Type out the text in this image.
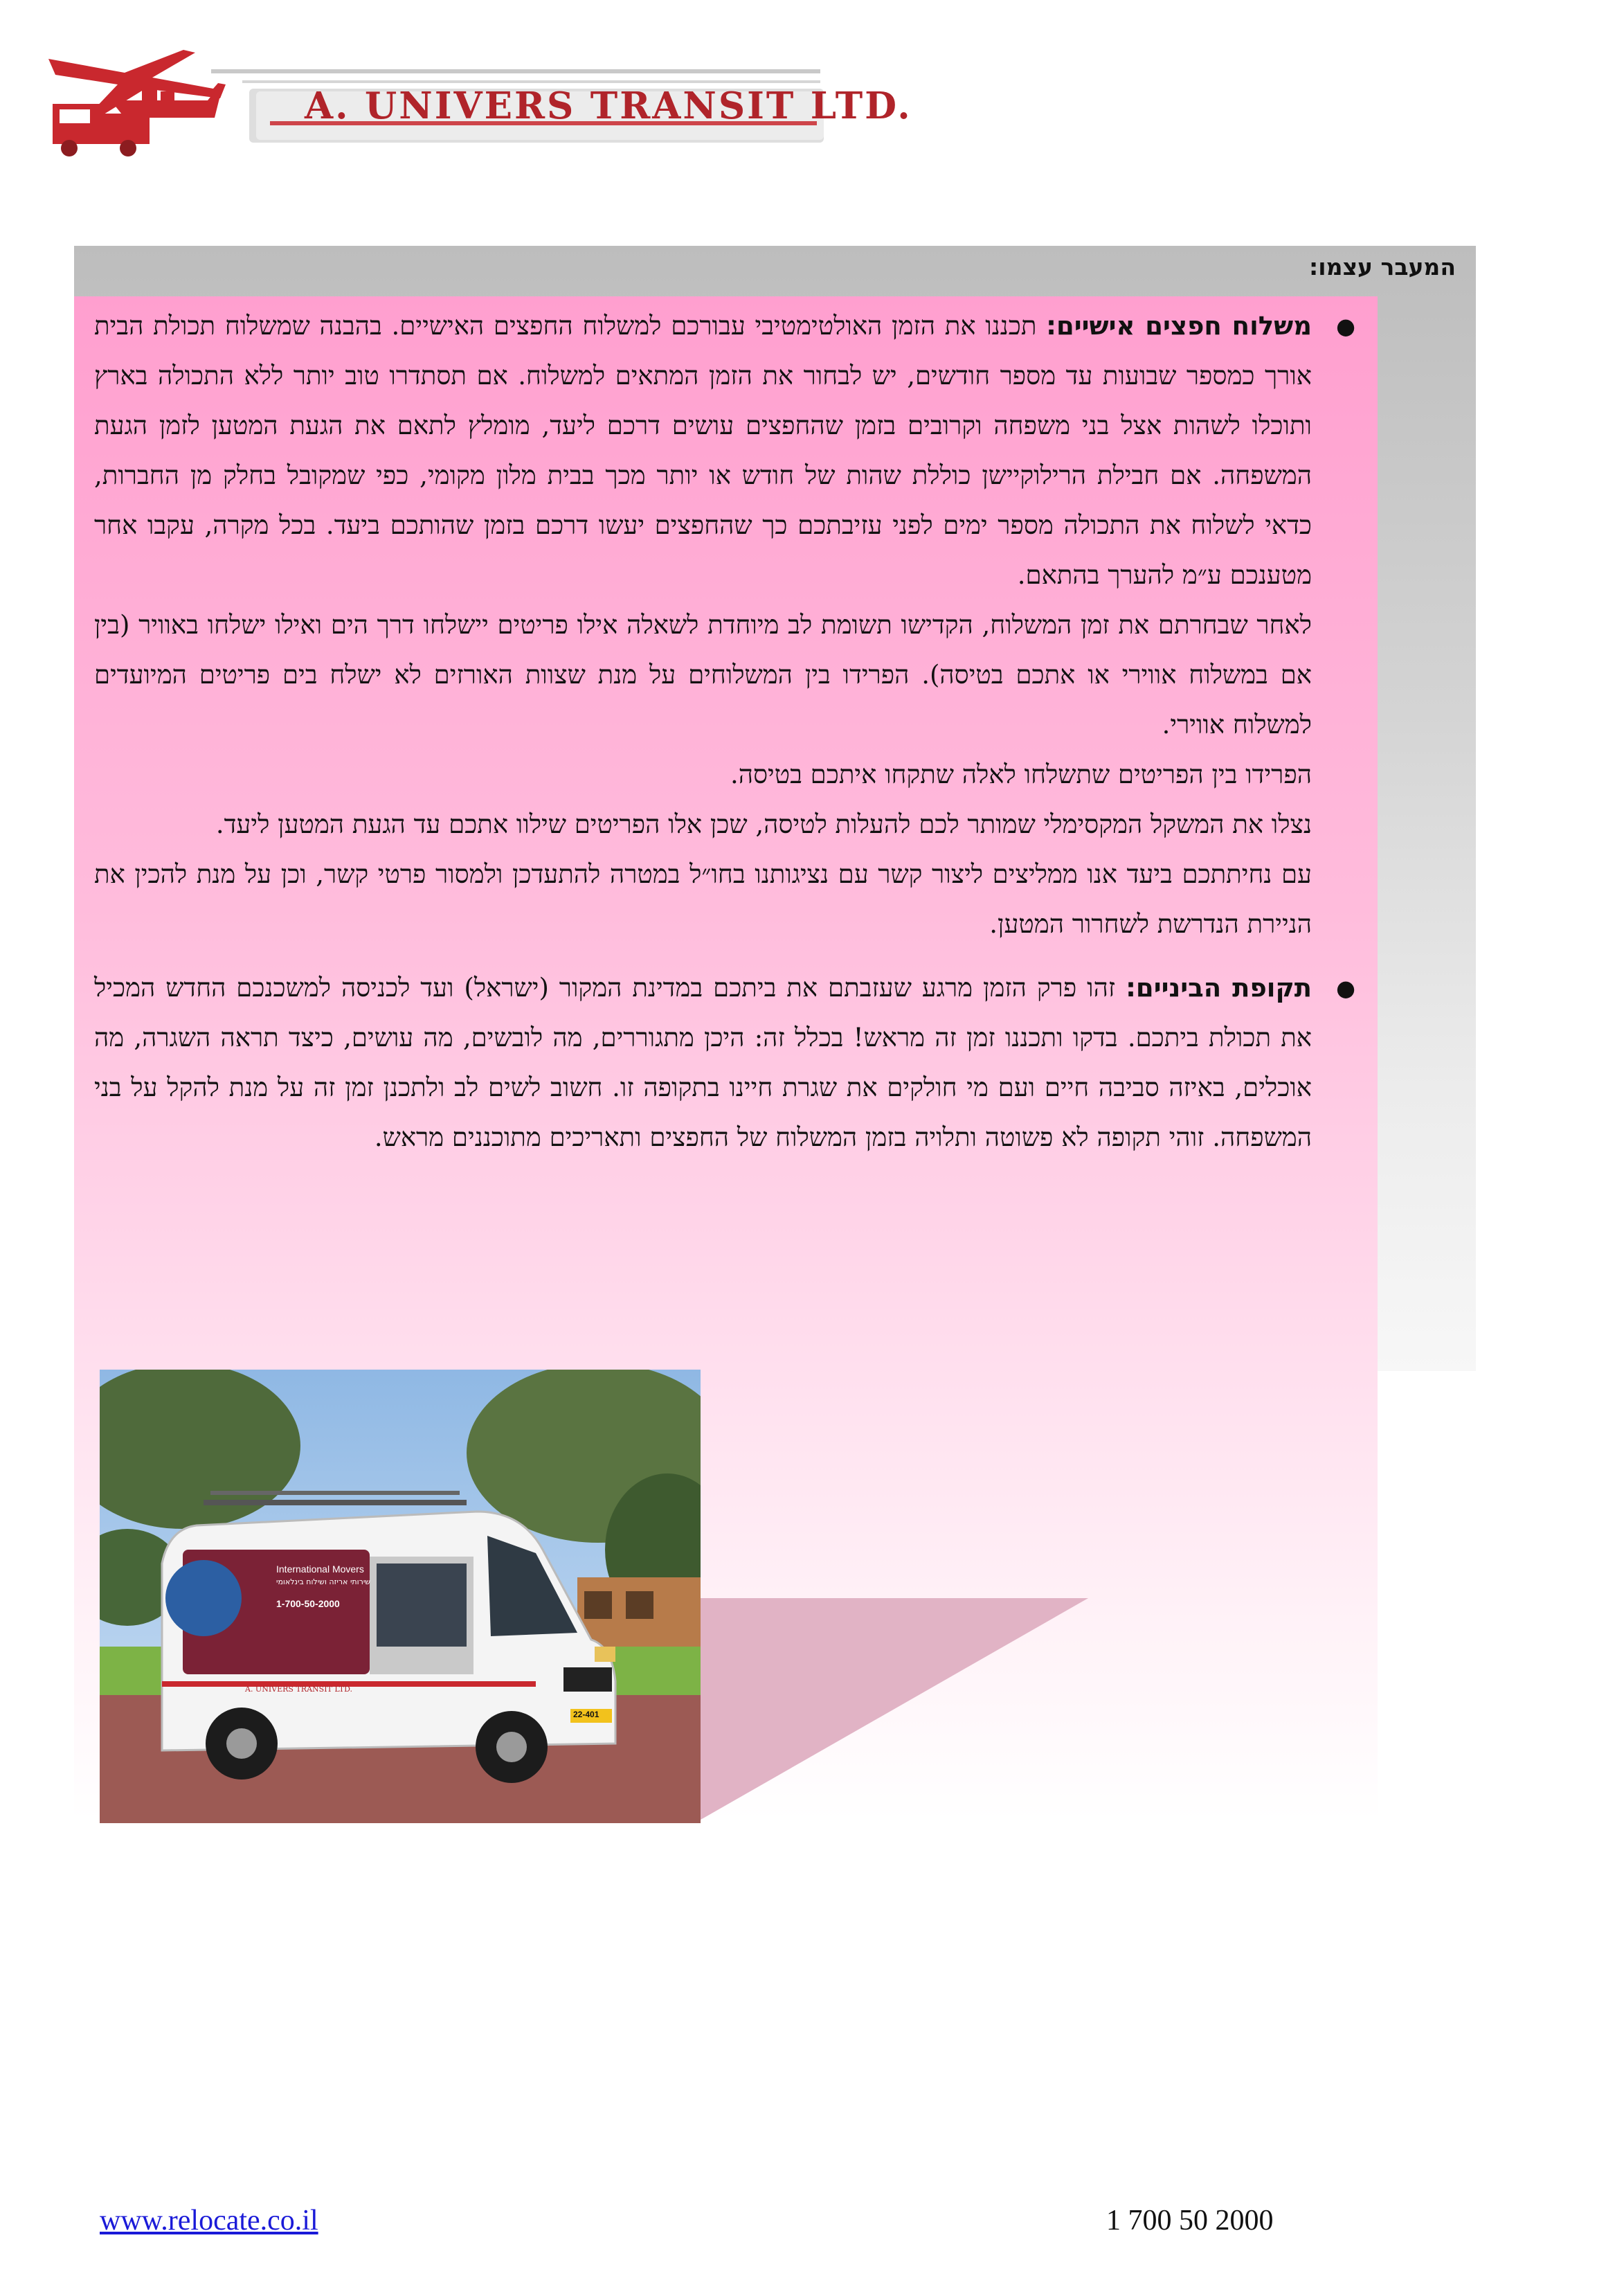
A. UNIVERS TRANSIT LTD.
המעבר עצמו:
●

משלוח חפצים אישיים: תכננו את הזמן האולטימטיבי עבורכם למשלוח החפצים האישיים. בהבנה שמשלוח תכולת הבית אורך כמספר שבועות עד מספר חודשים, יש לבחור את הזמן המתאים למשלוח. אם תסתדרו טוב יותר ללא התכולה בארץ ותוכלו לשהות אצל בני משפחה וקרובים בזמן שהחפצים עושים דרכם ליעד, מומלץ לתאם את הגעת המטען לזמן הגעת המשפחה. אם חבילת הרילוקיישן כוללת שהות של חודש או יותר מכך בבית מלון מקומי, כפי שמקובל בחלק מן החברות, כדאי לשלוח את התכולה מספר ימים לפני עזיבתכם כך שהחפצים יעשו דרכם בזמן שהותכם ביעד. בכל מקרה, עקבו אחר מטענכם ע״מ להערך בהתאם.

לאחר שבחרתם את זמן המשלוח, הקדישו תשומת לב מיוחדת לשאלה אילו פריטים יישלחו דרך הים ואילו ישלחו באוויר (בין אם במשלוח אווירי או אתכם בטיסה). הפרידו בין המשלוחים על מנת שצוות האורזים לא ישלח בים פריטים המיועדים למשלוח אווירי.

הפרידו בין הפריטים שתשלחו לאלה שתקחו איתכם בטיסה.

נצלו את המשקל המקסימלי שמותר לכם להעלות לטיסה, שכן אלו הפריטים שילוו אתכם עד הגעת המטען ליעד.

עם נחיתתכם ביעד אנו ממליצים ליצור קשר עם נציגותנו בחו״ל במטרה להתעדכן ולמסור פרטי קשר, וכן על מנת להכין את הניירת הנדרשת לשחרור המטען.

●

תקופת הביניים: זהו פרק הזמן מרגע שעזבתם את ביתכם במדינת המקור (ישראל) ועד לכניסה למשכנכם החדש המכיל את תכולת ביתכם. בדקו ותכננו זמן זה מראש! בכלל זה: היכן מתגוררים, מה לובשים, מה עושים, כיצד תראה השגרה, מה אוכלים, באיזה סביבה חיים ועם מי חולקים את שגרת חיינו בתקופה זו. חשוב לשים לב ולתכנן זמן זה על מנת להקל על בני המשפחה. זוהי תקופה לא פשוטה ותלויה בזמן המשלוח של החפצים ותאריכים מתוכננים מראש.

International Movers
שירותי אריזה ושילוח בינלאומי
1-700-50-2000
A. UNIVERS TRANSIT LTD.
22-401
www.relocate.co.il	1 700 50 2000
